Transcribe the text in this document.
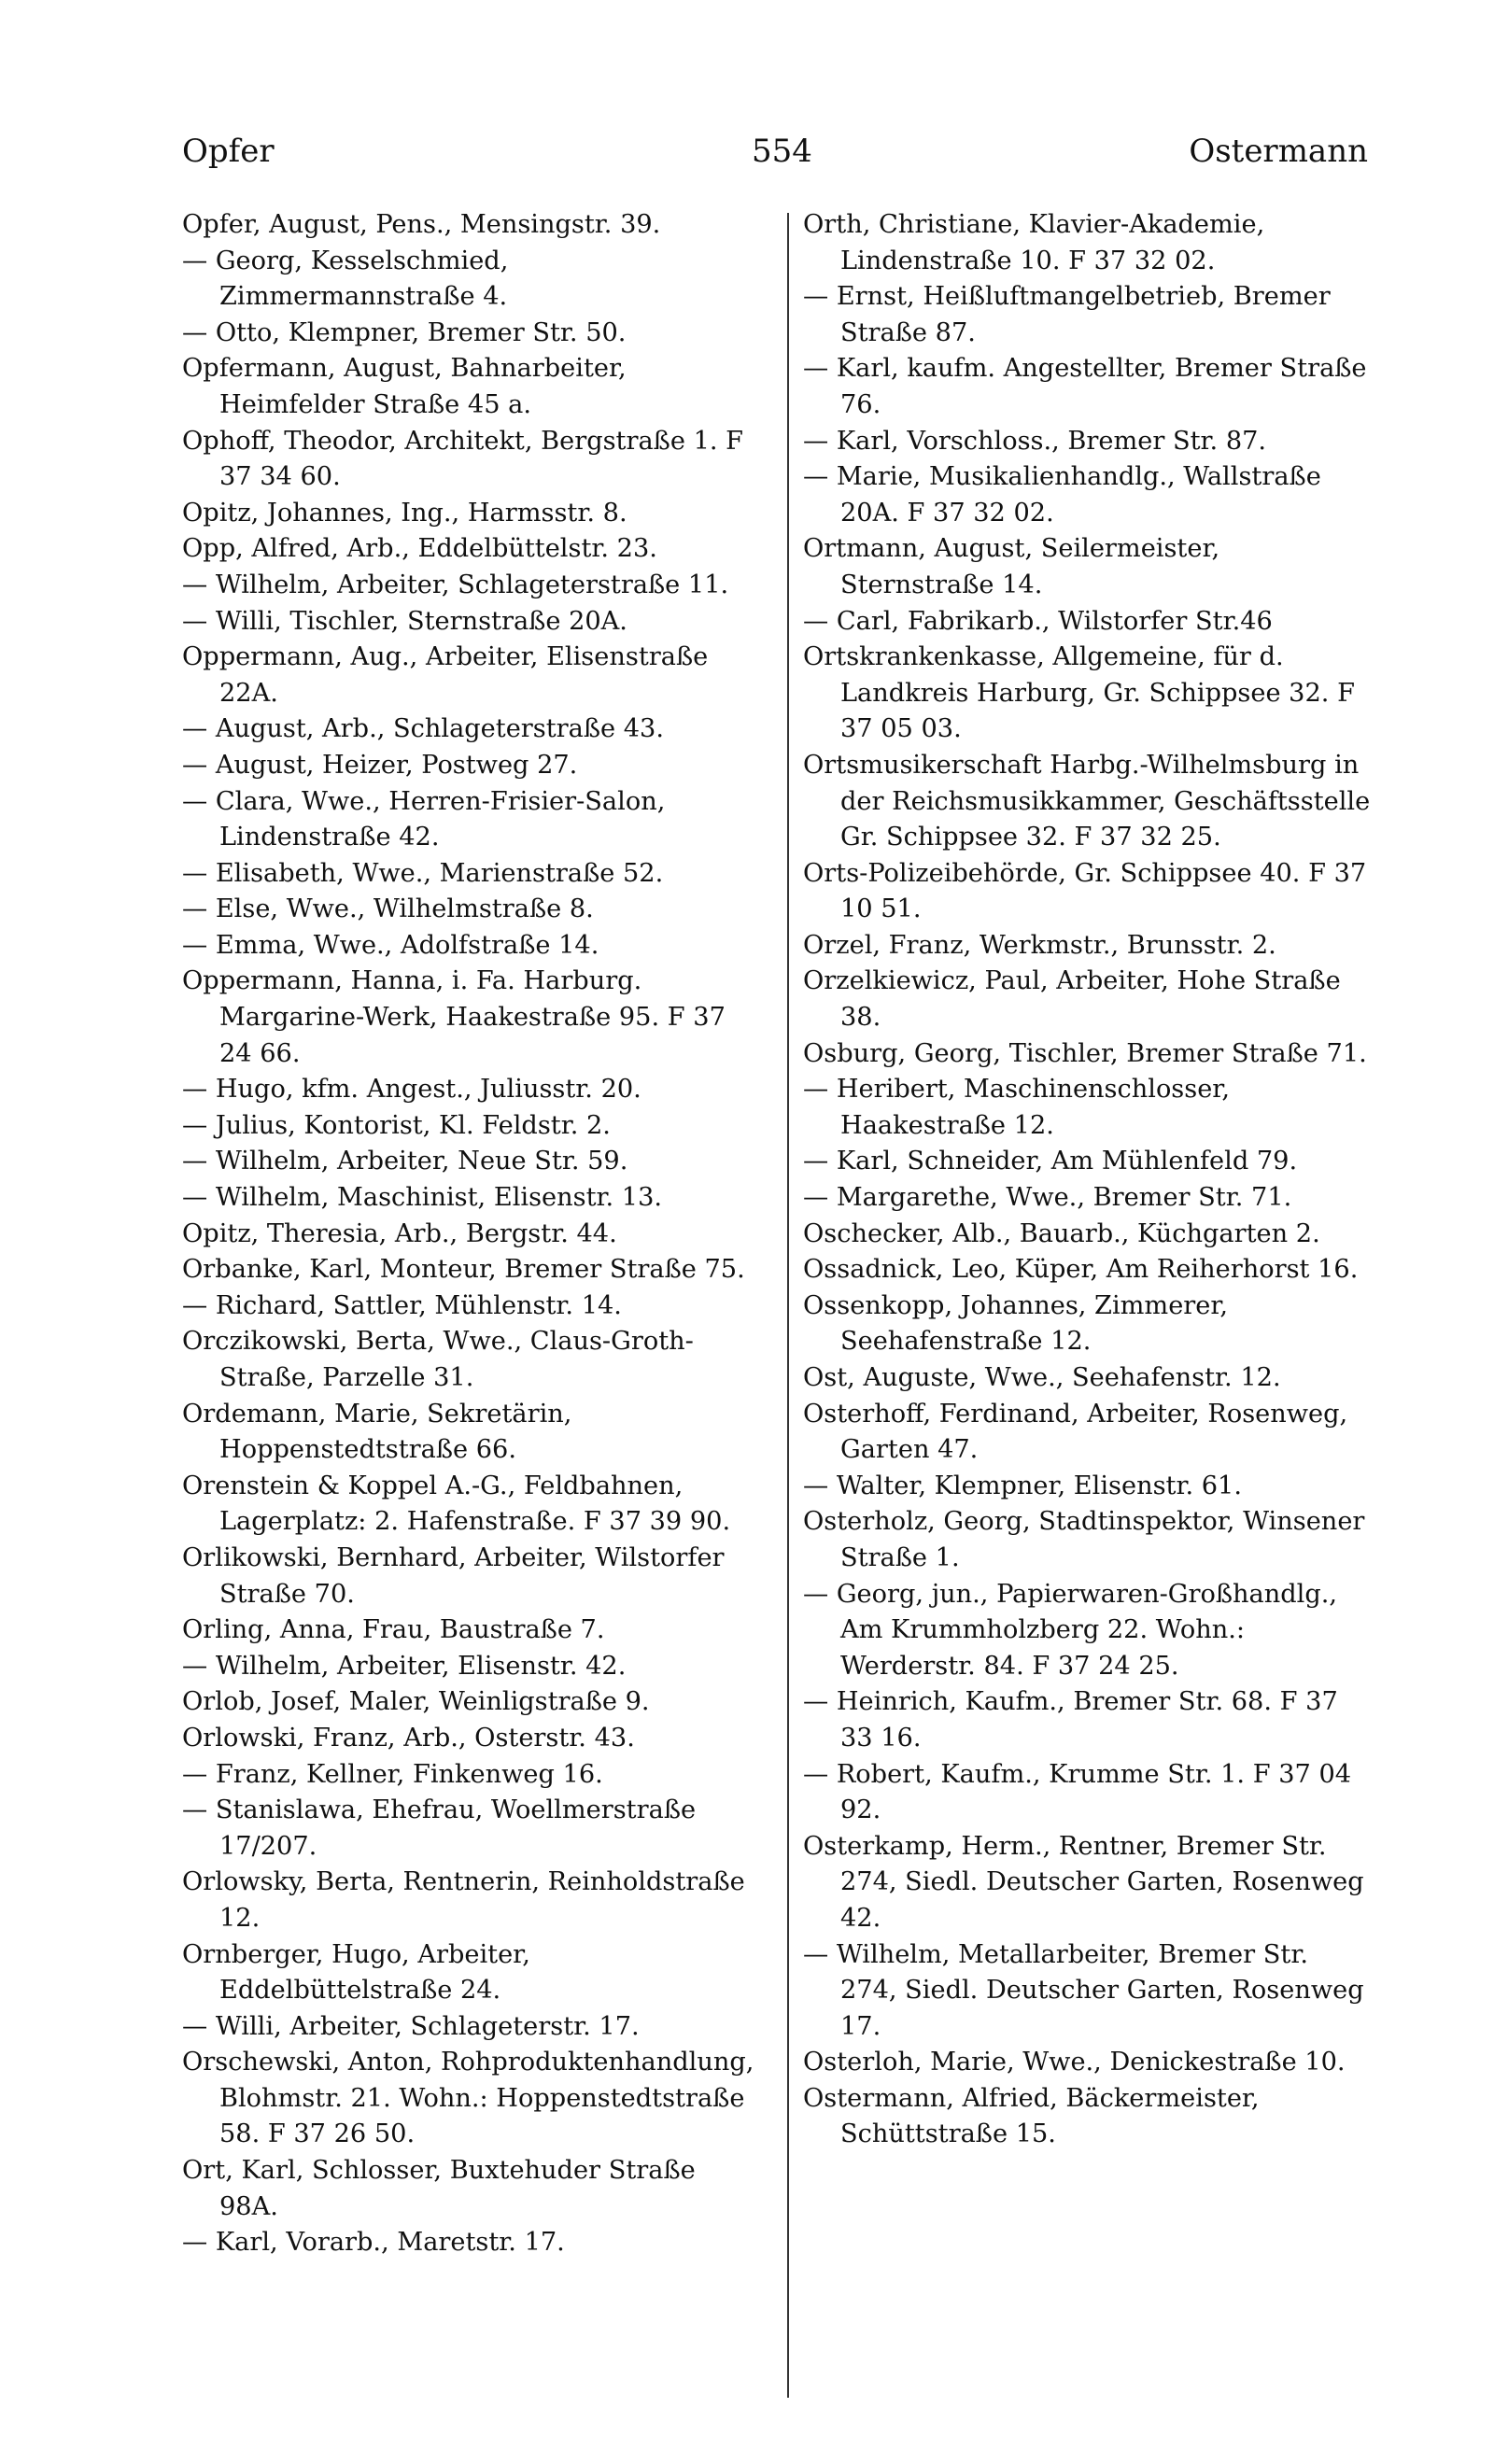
Opfer	554	Ostermann

Opfer, August, Pens., Mensingstr. 39.

— Georg, Kesselschmied, Zimmermannstraße 4.

— Otto, Klempner, Bremer Str. 50.

Opfermann, August, Bahnarbeiter, Heimfelder Straße 45 a.

Ophoff, Theodor, Architekt, Bergstraße 1. F 37 34 60.

Opitz, Johannes, Ing., Harmsstr. 8.

Opp, Alfred, Arb., Eddelbüttelstr. 23.

— Wilhelm, Arbeiter, Schlageterstraße 11.

— Willi, Tischler, Sternstraße 20A.

Oppermann, Aug., Arbeiter, Elisenstraße 22A.

— August, Arb., Schlageterstraße 43.

— August, Heizer, Postweg 27.

— Clara, Wwe., Herren-Frisier-Salon, Lindenstraße 42.

— Elisabeth, Wwe., Marienstraße 52.

— Else, Wwe., Wilhelmstraße 8.

— Emma, Wwe., Adolfstraße 14.

Oppermann, Hanna, i. Fa. Harburg. Margarine-Werk, Haakestraße 95. F 37 24 66.

— Hugo, kfm. Angest., Juliusstr. 20.

— Julius, Kontorist, Kl. Feldstr. 2.

— Wilhelm, Arbeiter, Neue Str. 59.

— Wilhelm, Maschinist, Elisenstr. 13.

Opitz, Theresia, Arb., Bergstr. 44.

Orbanke, Karl, Monteur, Bremer Straße 75.

— Richard, Sattler, Mühlenstr. 14.

Orczikowski, Berta, Wwe., Claus-Groth-Straße, Parzelle 31.

Ordemann, Marie, Sekretärin, Hoppenstedtstraße 66.

Orenstein & Koppel A.-G., Feldbahnen, Lagerplatz: 2. Hafenstraße. F 37 39 90.

Orlikowski, Bernhard, Arbeiter, Wilstorfer Straße 70.

Orling, Anna, Frau, Baustraße 7.

— Wilhelm, Arbeiter, Elisenstr. 42.

Orlob, Josef, Maler, Weinligstraße 9.

Orlowski, Franz, Arb., Osterstr. 43.

— Franz, Kellner, Finkenweg 16.

— Stanislawa, Ehefrau, Woellmerstraße 17/207.

Orlowsky, Berta, Rentnerin, Reinholdstraße 12.

Ornberger, Hugo, Arbeiter, Eddelbüttelstraße 24.

— Willi, Arbeiter, Schlageterstr. 17.

Orschewski, Anton, Rohproduktenhandlung, Blohmstr. 21. Wohn.: Hoppenstedtstraße 58. F 37 26 50.

Ort, Karl, Schlosser, Buxtehuder Straße 98A.

— Karl, Vorarb., Maretstr. 17.

Orth, Christiane, Klavier-Akademie, Lindenstraße 10. F 37 32 02.

— Ernst, Heißluftmangelbetrieb, Bremer Straße 87.

— Karl, kaufm. Angestellter, Bremer Straße 76.

— Karl, Vorschloss., Bremer Str. 87.

— Marie, Musikalienhandlg., Wallstraße 20A. F 37 32 02.

Ortmann, August, Seilermeister, Sternstraße 14.

— Carl, Fabrikarb., Wilstorfer Str.46

Ortskrankenkasse, Allgemeine, für d. Landkreis Harburg, Gr. Schippsee 32. F 37 05 03.

Ortsmusikerschaft Harbg.-Wilhelmsburg in der Reichsmusikkammer, Geschäftsstelle Gr. Schippsee 32. F 37 32 25.

Orts-Polizeibehörde, Gr. Schippsee 40. F 37 10 51.

Orzel, Franz, Werkmstr., Brunsstr. 2.

Orzelkiewicz, Paul, Arbeiter, Hohe Straße 38.

Osburg, Georg, Tischler, Bremer Straße 71.

— Heribert, Maschinenschlosser, Haakestraße 12.

— Karl, Schneider, Am Mühlenfeld 79.

— Margarethe, Wwe., Bremer Str. 71.

Oschecker, Alb., Bauarb., Küchgarten 2.

Ossadnick, Leo, Küper, Am Reiherhorst 16.

Ossenkopp, Johannes, Zimmerer, Seehafenstraße 12.

Ost, Auguste, Wwe., Seehafenstr. 12.

Osterhoff, Ferdinand, Arbeiter, Rosenweg, Garten 47.

— Walter, Klempner, Elisenstr. 61.

Osterholz, Georg, Stadtinspektor, Winsener Straße 1.

— Georg, jun., Papierwaren-Großhandlg., Am Krummholzberg 22. Wohn.: Werderstr. 84. F 37 24 25.

— Heinrich, Kaufm., Bremer Str. 68. F 37 33 16.

— Robert, Kaufm., Krumme Str. 1. F 37 04 92.

Osterkamp, Herm., Rentner, Bremer Str. 274, Siedl. Deutscher Garten, Rosenweg 42.

— Wilhelm, Metallarbeiter, Bremer Str. 274, Siedl. Deutscher Garten, Rosenweg 17.

Osterloh, Marie, Wwe., Denickestraße 10.

Ostermann, Alfried, Bäckermeister, Schüttstraße 15.
